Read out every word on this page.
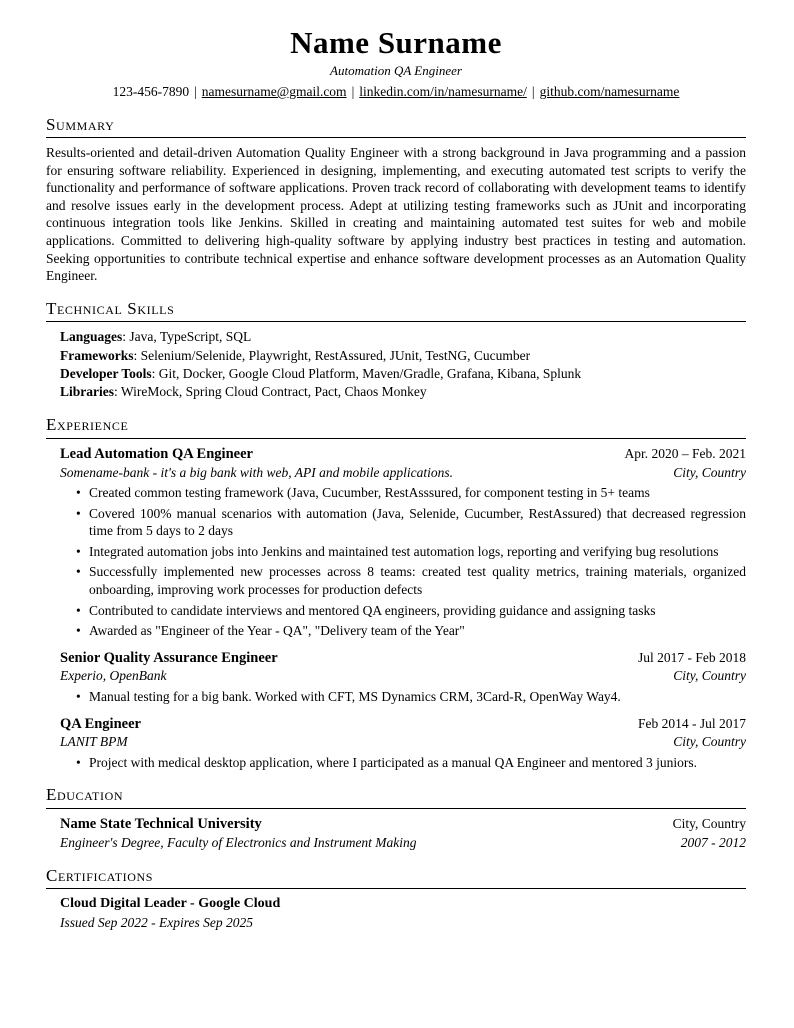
Name Surname
Automation QA Engineer
123-456-7890 | namesurname@gmail.com | linkedin.com/in/namesurname/ | github.com/namesurname
Summary

Results-oriented and detail-driven Automation Quality Engineer with a strong background in Java programming and a passion for ensuring software reliability. Experienced in designing, implementing, and executing automated test scripts to verify the functionality and performance of software applications. Proven track record of collaborating with development teams to identify and resolve issues early in the development process. Adept at utilizing testing frameworks such as JUnit and incorporating continuous integration tools like Jenkins. Skilled in creating and maintaining automated test suites for web and mobile applications. Committed to delivering high-quality software by applying industry best practices in testing and automation. Seeking opportunities to contribute technical expertise and enhance software development processes as an Automation Quality Engineer.

Technical Skills
Languages: Java, TypeScript, SQL
Frameworks: Selenium/Selenide, Playwright, RestAssured, JUnit, TestNG, Cucumber
Developer Tools: Git, Docker, Google Cloud Platform, Maven/Gradle, Grafana, Kibana, Splunk
Libraries: WireMock, Spring Cloud Contract, Pact, Chaos Monkey
Experience
Lead Automation QA Engineer	Apr. 2020 – Feb. 2021
Somename-bank - it's a big bank with web, API and mobile applications.	City, Country
• Created common testing framework (Java, Cucumber, RestAsssured, for component testing in 5+ teams
• Covered 100% manual scenarios with automation (Java, Selenide, Cucumber, RestAssured) that decreased regression time from 5 days to 2 days
• Integrated automation jobs into Jenkins and maintained test automation logs, reporting and verifying bug resolutions
• Successfully implemented new processes across 8 teams: created test quality metrics, training materials, organized onboarding, improving work processes for production defects
• Contributed to candidate interviews and mentored QA engineers, providing guidance and assigning tasks
• Awarded as "Engineer of the Year - QA", "Delivery team of the Year"
Senior Quality Assurance Engineer	Jul 2017 - Feb 2018
Experio, OpenBank	City, Country
• Manual testing for a big bank. Worked with CFT, MS Dynamics CRM, 3Card-R, OpenWay Way4.
QA Engineer	Feb 2014 - Jul 2017
LANIT BPM	City, Country
• Project with medical desktop application, where I participated as a manual QA Engineer and mentored 3 juniors.
Education
Name State Technical University	City, Country
Engineer's Degree, Faculty of Electronics and Instrument Making	2007 - 2012
Certifications
Cloud Digital Leader - Google Cloud
Issued Sep 2022 - Expires Sep 2025
